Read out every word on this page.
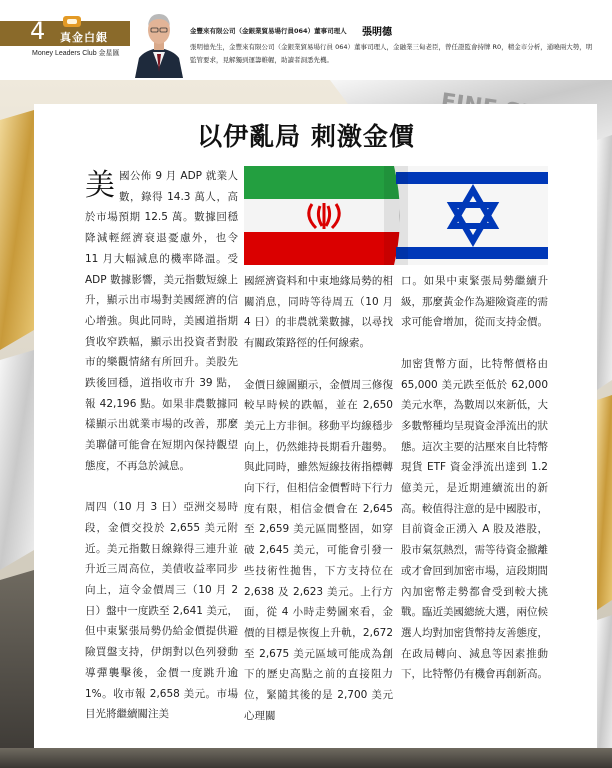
4 真金白銀
Money Leaders Club 金星匯
金豐來有限公司（金銀業貿易場行員064）董事司理人 張明德
張明德先生，金豐來有限公司（金銀業貿易場行員 064）董事司理人，金融業三甸老臣，曾任證監會持牌 R0，精金市分析，通曉兩大勢，明監管要求，見解獨到運籌帷幄，助讀者洞悉先機。
以伊亂局 刺激金價

美國公佈 9 月 ADP 就業人數，錄得 14.3 萬人，高於市場預期 12.5 萬。數據回穩降減輕經濟衰退憂慮外，也令 11 月大幅減息的機率降溫。受 ADP 數據影響，美元指數短線上升，顯示出市場對美國經濟的信心增強。與此同時，美國道指期貨收窄跌幅，顯示出投資者對股市的樂觀情緒有所回升。美股先跌後回穩，道指收市升 39 點，報 42,196 點。如果非農數據同樣顯示出就業市場的改善，那麼美聯儲可能會在短期內保持觀望態度，不再急於減息。

周四（10 月 3 日）亞洲交易時段，金價交投於 2,655 美元附近。美元指數日線錄得三連升並升近三周高位，美債收益率同步向上，這令金價周三（10 月 2 日）盤中一度跌至 2,641 美元，但中東緊張局勢仍給金價提供避險買盤支持，伊朗對以色列發動導彈襲擊後，金價一度跳升逾 1%。收市報 2,658 美元。市場目光將繼續關注美

國經濟資料和中東地緣局勢的相關消息，同時等待周五（10 月 4 日）的非農就業數據，以尋找有關政策路徑的任何線索。

金價日線圖顯示，金價周三修復較早時候的跌幅，並在 2,650 美元上方非徊。移動平均線穩步向上，仍然維持長期看升趨勢。與此同時，雖然短線技術指標轉向下行，但相信金價暫時下行力度有限，相信金價會在 2,645 至 2,659 美元區間整固，如穿破 2,645 美元，可能會引發一些技術性拋售，下方支持位在 2,638 及 2,623 美元。上行方面，從 4 小時走勢圖來看，金價的目標是恢復上升軌，2,672 至 2,675 美元區域可能成為創下的歷史高點之前的直接阻力位，緊隨其後的是 2,700 美元心理關

口。如果中東緊張局勢繼續升級，那麼黃金作為避險資產的需求可能會增加，從而支持金價。

加密貨幣方面，比特幣價格由 65,000 美元跌至低於 62,000 美元水準，為數周以來新低，大多數幣種均呈現資金淨流出的狀態。這次主要的沽壓來自比特幣現貨 ETF 資金淨流出達到 1.2 億美元，是近期連續流出的新高。較值得注意的是中國股市，目前資金正湧入 A 股及港股，股市氣氛熱烈，需等待資金撤離或才會回到加密市場，這段期間內加密幣走勢都會受到較大挑戰。臨近美國總統大選，兩位候選人均對加密貨幣持友善態度，在政局轉向、減息等因素推動下，比特幣仍有機會再創新高。
